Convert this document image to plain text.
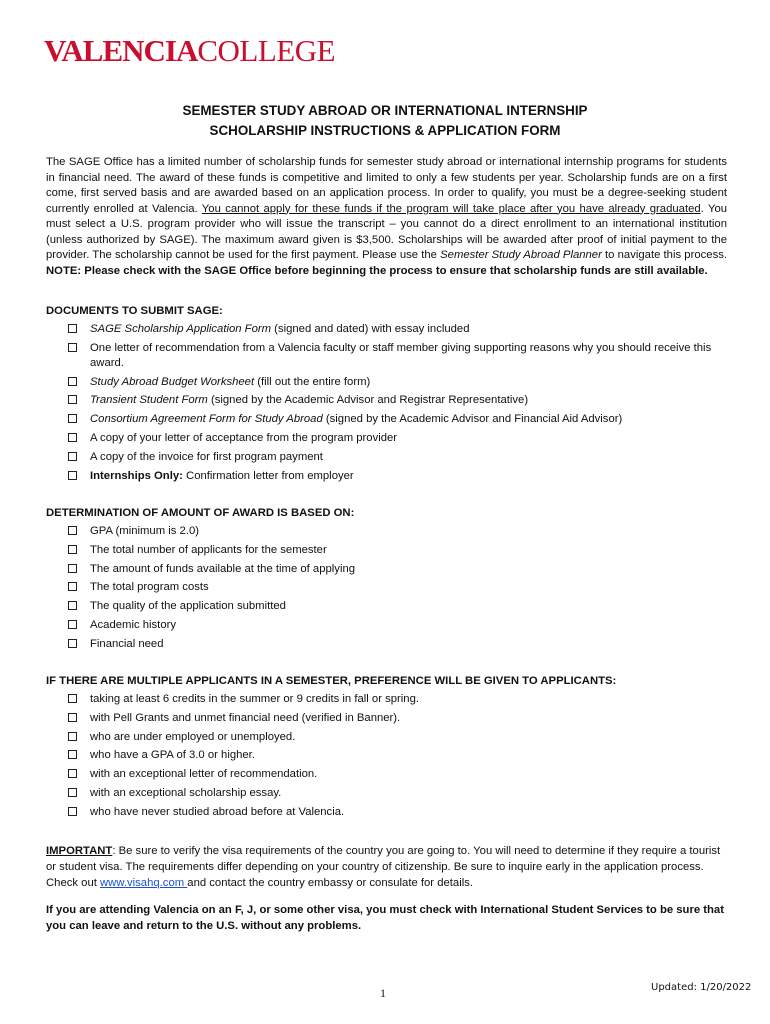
VALENCIACOLLEGE
SEMESTER STUDY ABROAD OR INTERNATIONAL INTERNSHIP
SCHOLARSHIP INSTRUCTIONS & APPLICATION FORM
The SAGE Office has a limited number of scholarship funds for semester study abroad or international internship programs for students in financial need. The award of these funds is competitive and limited to only a few students per year. Scholarship funds are on a first come, first served basis and are awarded based on an application process. In order to qualify, you must be a degree-seeking student currently enrolled at Valencia. You cannot apply for these funds if the program will take place after you have already graduated. You must select a U.S. program provider who will issue the transcript – you cannot do a direct enrollment to an international institution (unless authorized by SAGE). The maximum award given is $3,500. Scholarships will be awarded after proof of initial payment to the provider. The scholarship cannot be used for the first payment. Please use the Semester Study Abroad Planner to navigate this process. NOTE: Please check with the SAGE Office before beginning the process to ensure that scholarship funds are still available.
DOCUMENTS TO SUBMIT SAGE:
SAGE Scholarship Application Form (signed and dated) with essay included
One letter of recommendation from a Valencia faculty or staff member giving supporting reasons why you should receive this award.
Study Abroad Budget Worksheet (fill out the entire form)
Transient Student Form (signed by the Academic Advisor and Registrar Representative)
Consortium Agreement Form for Study Abroad (signed by the Academic Advisor and Financial Aid Advisor)
A copy of your letter of acceptance from the program provider
A copy of the invoice for first program payment
Internships Only: Confirmation letter from employer
DETERMINATION OF AMOUNT OF AWARD IS BASED ON:
GPA (minimum is 2.0)
The total number of applicants for the semester
The amount of funds available at the time of applying
The total program costs
The quality of the application submitted
Academic history
Financial need
IF THERE ARE MULTIPLE APPLICANTS IN A SEMESTER, PREFERENCE WILL BE GIVEN TO APPLICANTS:
taking at least 6 credits in the summer or 9 credits in fall or spring.
with Pell Grants and unmet financial need (verified in Banner).
who are under employed or unemployed.
who have a GPA of 3.0 or higher.
with an exceptional letter of recommendation.
with an exceptional scholarship essay.
who have never studied abroad before at Valencia.
IMPORTANT: Be sure to verify the visa requirements of the country you are going to. You will need to determine if they require a tourist or student visa. The requirements differ depending on your country of citizenship. Be sure to inquire early in the application process. Check out www.visahq.com and contact the country embassy or consulate for details.
If you are attending Valencia on an F, J, or some other visa, you must check with International Student Services to be sure that you can leave and return to the U.S. without any problems.
1	Updated: 1/20/2022
